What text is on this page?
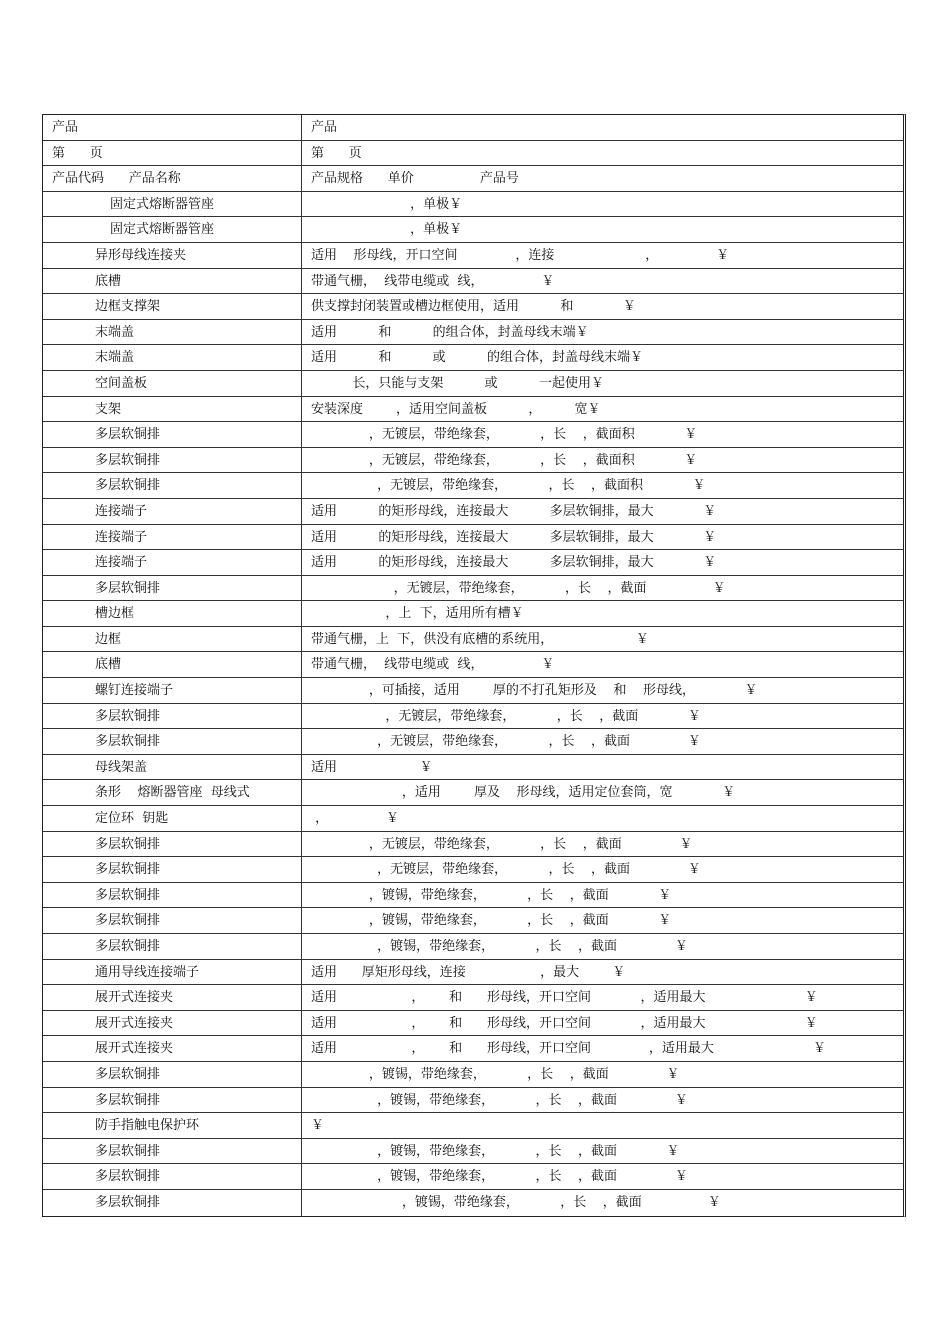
产品	产品
第      页	第      页
产品代码      产品名称	产品规格      单价                产品号
固定式熔断器管座	，单极￥
固定式熔断器管座	，单极￥
异形母线连接夹	适用    形母线，开口空间              ，连接                      ，              ￥
底槽	带通气栅，  线带电缆或  线，              ￥
边框支撑架	供支撑封闭装置或槽边框使用，适用          和            ￥
末端盖	适用          和          的组合体，封盖母线末端￥
末端盖	适用          和          或          的组合体，封盖母线末端￥
空间盖板	长，只能与支架          或          一起使用￥
支架	安装深度        ，适用空间盖板          ，        宽￥
多层软铜排	，无镀层，带绝缘套，          ，长    ，截面积            ￥
多层软铜排	，无镀层，带绝缘套，          ，长    ，截面积            ￥
多层软铜排	，无镀层，带绝缘套，          ，长    ，截面积            ￥
连接端子	适用          的矩形母线，连接最大          多层软铜排，最大            ￥
连接端子	适用          的矩形母线，连接最大          多层软铜排，最大            ￥
连接端子	适用          的矩形母线，连接最大          多层软铜排，最大            ￥
多层软铜排	，无镀层，带绝缘套，          ，长    ，截面                ￥
槽边框	，上  下，适用所有槽￥
边框	带通气栅，上  下，供没有底槽的系统用，                    ￥
底槽	带通气栅，  线带电缆或  线，              ￥
螺钉连接端子	，可插接，适用        厚的不打孔矩形及    和    形母线，            ￥
多层软铜排	，无镀层，带绝缘套，          ，长    ，截面            ￥
多层软铜排	，无镀层，带绝缘套，          ，长    ，截面              ￥
母线架盖	适用                    ￥
条形    熔断器管座  母线式	，适用        厚及    形母线，适用定位套筒，宽            ￥
定位环  钥匙	，              ￥
多层软铜排	，无镀层，带绝缘套，          ，长    ，截面              ￥
多层软铜排	，无镀层，带绝缘套，          ，长    ，截面              ￥
多层软铜排	，镀锡，带绝缘套，          ，长    ，截面            ￥
多层软铜排	，镀锡，带绝缘套，          ，长    ，截面            ￥
多层软铜排	，镀锡，带绝缘套，          ，长    ，截面              ￥
通用导线连接端子	适用      厚矩形母线，连接                  ，最大        ￥
展开式连接夹	适用                  ，      和      形母线，开口空间            ，适用最大                        ￥
展开式连接夹	适用                  ，      和      形母线，开口空间            ，适用最大                        ￥
展开式连接夹	适用                  ，      和      形母线，开口空间              ，适用最大                        ￥
多层软铜排	，镀锡，带绝缘套，          ，长    ，截面              ￥
多层软铜排	，镀锡，带绝缘套，          ，长    ，截面              ￥
防手指触电保护环	￥
多层软铜排	，镀锡，带绝缘套，          ，长    ，截面            ￥
多层软铜排	，镀锡，带绝缘套，          ，长    ，截面              ￥
多层软铜排	，镀锡，带绝缘套，          ，长    ，截面                ￥
